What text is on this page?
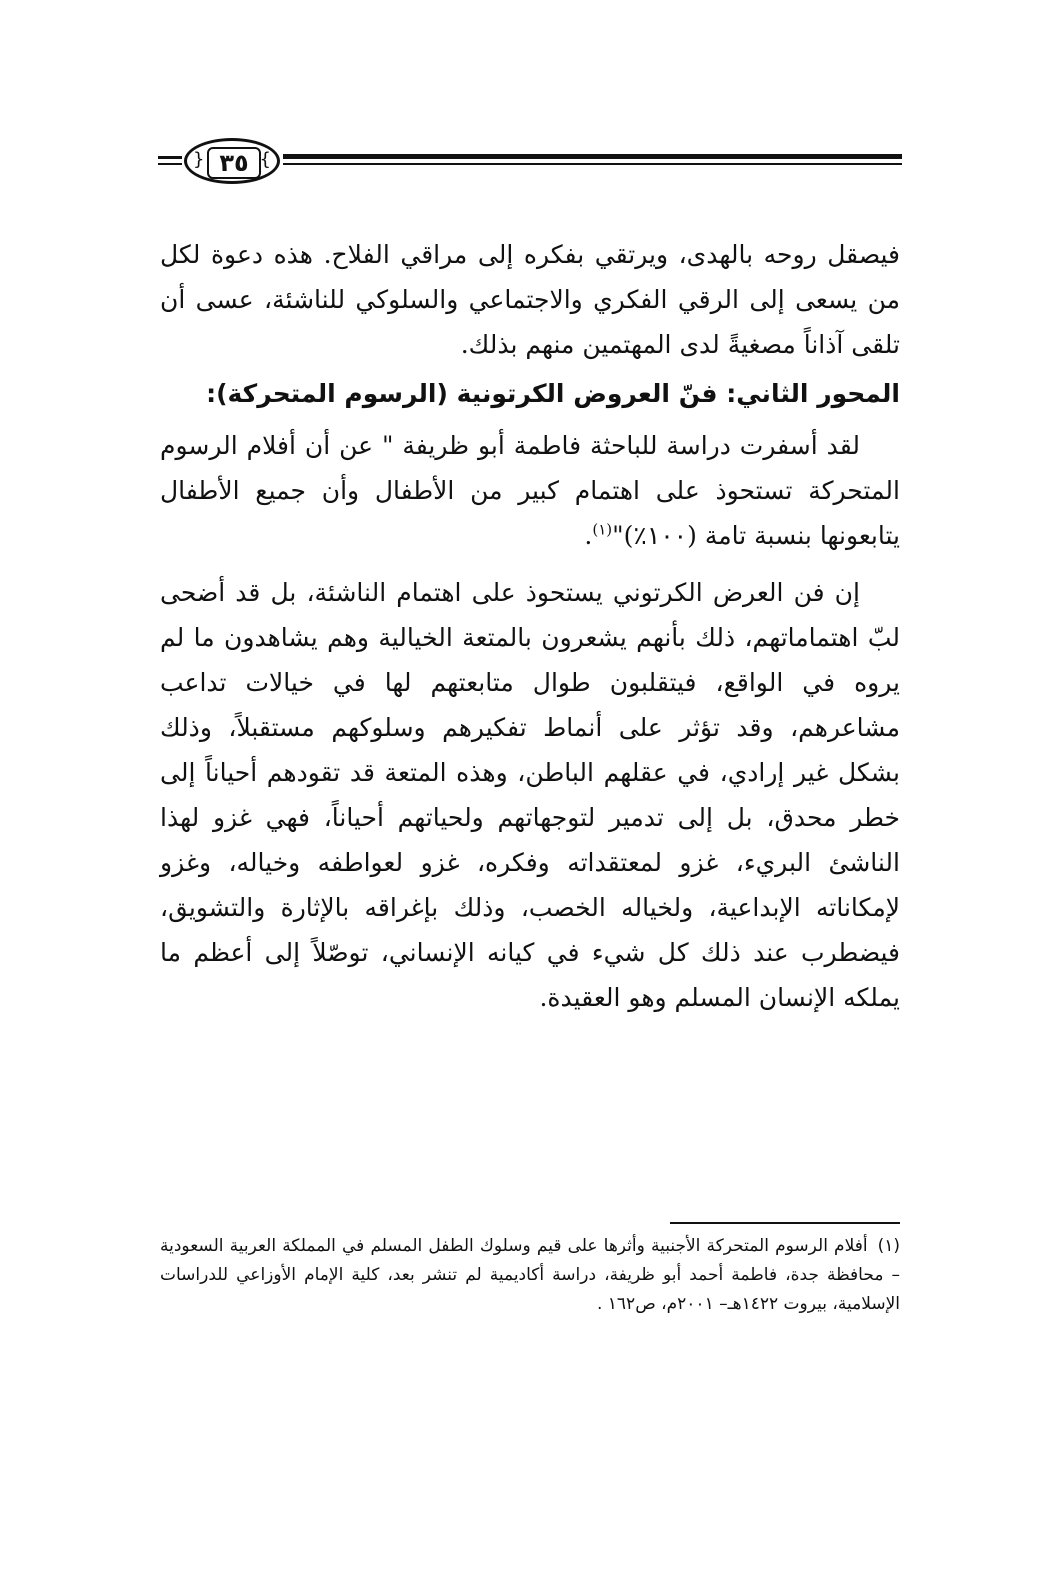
} ٣٥ {

فيصقل روحه بالهدى، ويرتقي بفكره إلى مراقي الفلاح. هذه دعوة لكل من يسعى إلى الرقي الفكري والاجتماعي والسلوكي للناشئة، عسى أن تلقى آذاناً مصغيةً لدى المهتمين منهم بذلك.

المحور الثاني: فنّ العروض الكرتونية (الرسوم المتحركة):

لقد أسفرت دراسة للباحثة فاطمة أبو ظريفة " عن أن أفلام الرسوم المتحركة تستحوذ على اهتمام كبير من الأطفال وأن جميع الأطفال يتابعونها بنسبة تامة (١٠٠٪)"$^{(١)}$.

إن فن العرض الكرتوني يستحوذ على اهتمام الناشئة، بل قد أضحى لبّ اهتماماتهم، ذلك بأنهم يشعرون بالمتعة الخيالية وهم يشاهدون ما لم يروه في الواقع، فيتقلبون طوال متابعتهم لها في خيالات تداعب مشاعرهم، وقد تؤثر على أنماط تفكيرهم وسلوكهم مستقبلاً، وذلك بشكل غير إرادي، في عقلهم الباطن، وهذه المتعة قد تقودهم أحياناً إلى خطر محدق، بل إلى تدمير لتوجهاتهم ولحياتهم أحياناً، فهي غزو لهذا الناشئ البريء، غزو لمعتقداته وفكره، غزو لعواطفه وخياله، وغزو لإمكاناته الإبداعية، ولخياله الخصب، وذلك بإغراقه بالإثارة والتشويق، فيضطرب عند ذلك كل شيء في كيانه الإنساني، توصّلاً إلى أعظم ما يملكه الإنسان المسلم وهو العقيدة.

(١)أفلام الرسوم المتحركة الأجنبية وأثرها على قيم وسلوك الطفل المسلم في المملكة العربية السعودية – محافظة جدة، فاطمة أحمد أبو ظريفة، دراسة أكاديمية لم تنشر بعد، كلية الإمام الأوزاعي للدراسات الإسلامية، بيروت ١٤٢٢هـ– ٢٠٠١م، ص١٦٢ .
